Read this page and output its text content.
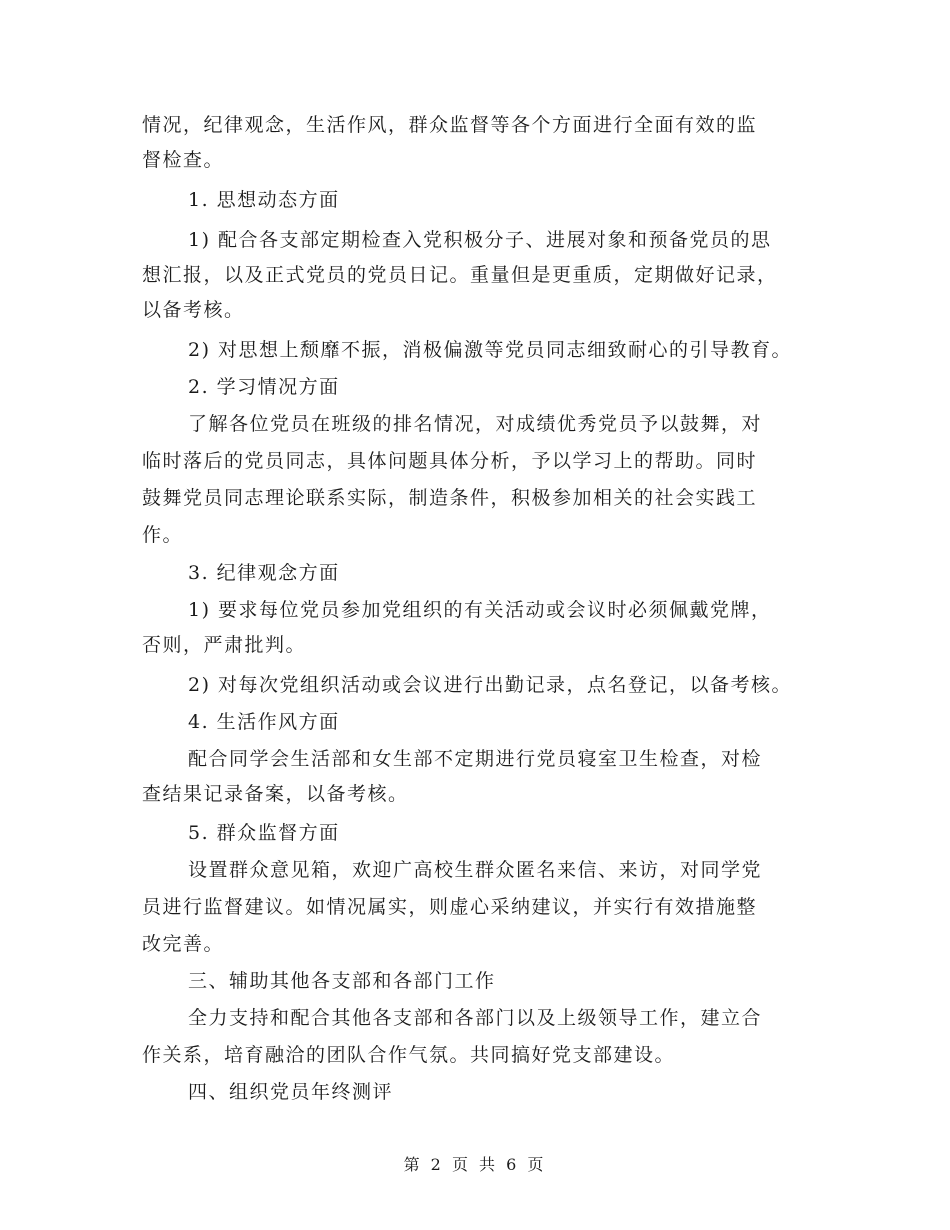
情况，纪律观念，生活作风，群众监督等各个方面进行全面有效的监
督检查。
1. 思想动态方面
1) 配合各支部定期检查入党积极分子、进展对象和预备党员的思
想汇报，以及正式党员的党员日记。重量但是更重质，定期做好记录，
以备考核。
2) 对思想上颓靡不振，消极偏激等党员同志细致耐心的引导教育。
2. 学习情况方面
了解各位党员在班级的排名情况，对成绩优秀党员予以鼓舞，对
临时落后的党员同志，具体问题具体分析，予以学习上的帮助。同时
鼓舞党员同志理论联系实际，制造条件，积极参加相关的社会实践工
作。
3. 纪律观念方面
1) 要求每位党员参加党组织的有关活动或会议时必须佩戴党牌，
否则，严肃批判。
2) 对每次党组织活动或会议进行出勤记录，点名登记，以备考核。
4. 生活作风方面
配合同学会生活部和女生部不定期进行党员寝室卫生检查，对检
查结果记录备案，以备考核。
5. 群众监督方面
设置群众意见箱，欢迎广高校生群众匿名来信、来访，对同学党
员进行监督建议。如情况属实，则虚心采纳建议，并实行有效措施整
改完善。
三、辅助其他各支部和各部门工作
全力支持和配合其他各支部和各部门以及上级领导工作，建立合
作关系，培育融洽的团队合作气氛。共同搞好党支部建设。
四、组织党员年终测评
第 2 页 共 6 页
